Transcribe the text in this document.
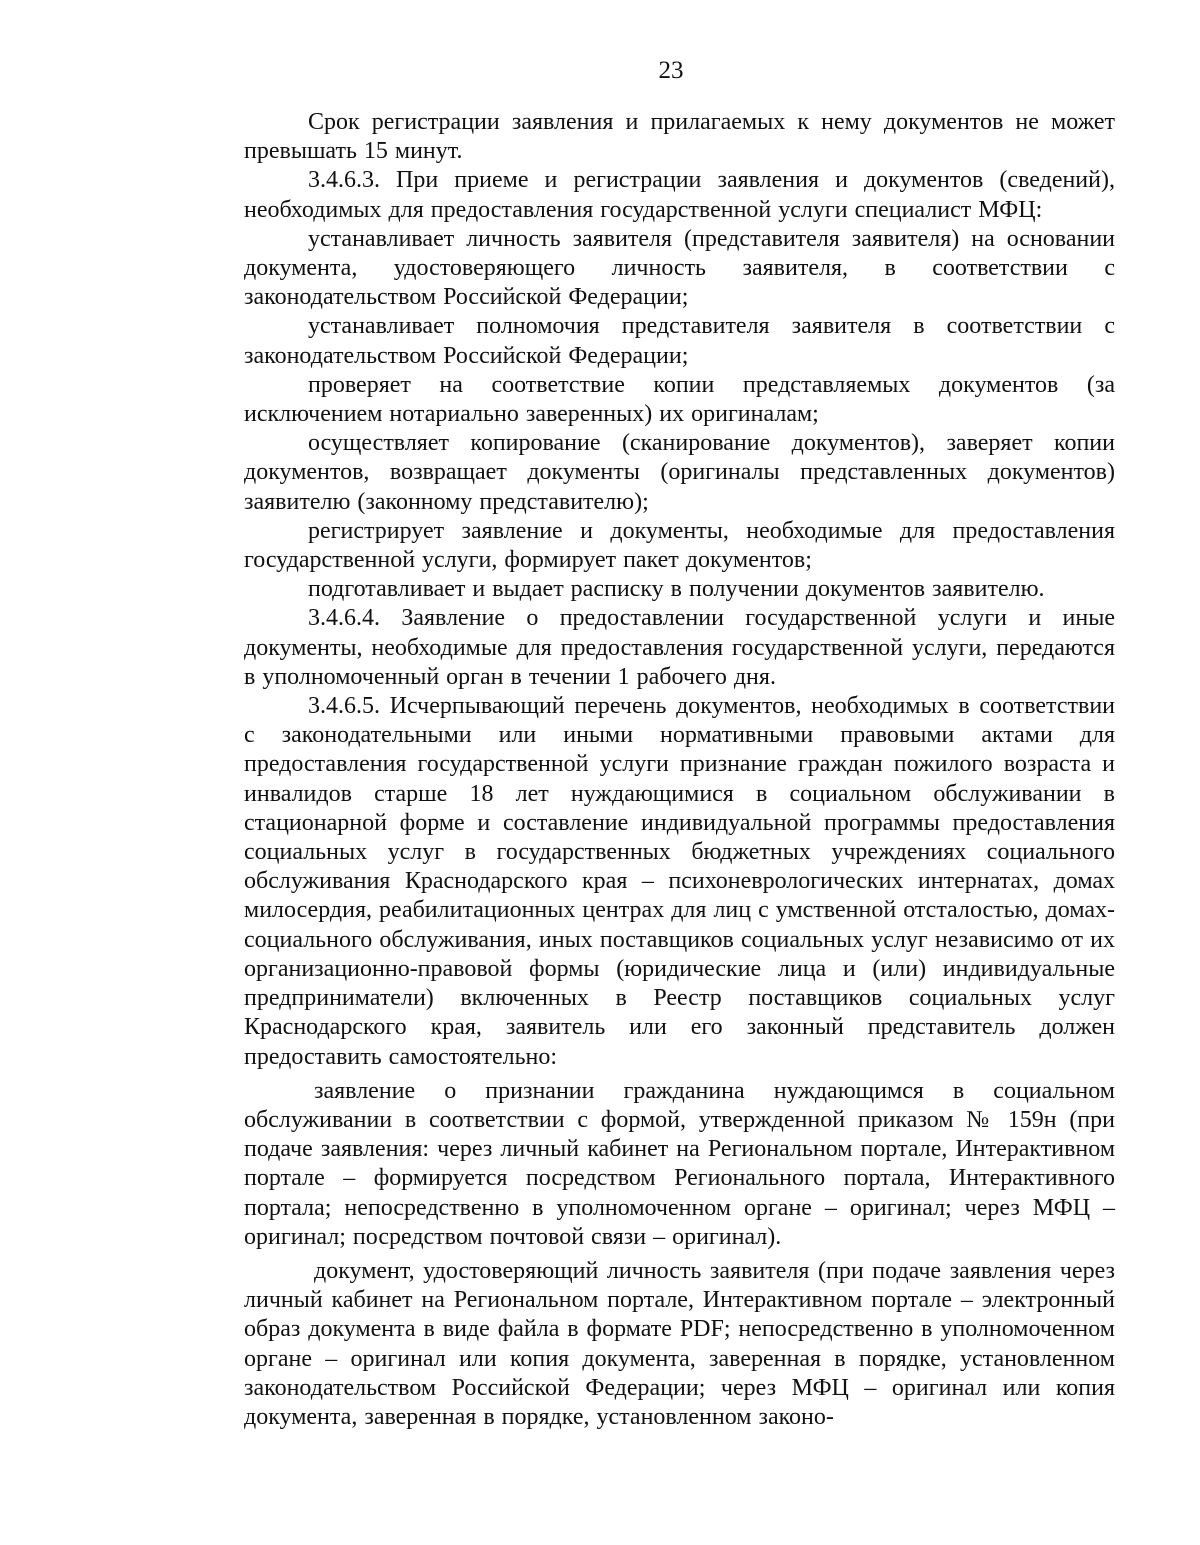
23

Срок регистрации заявления и прилагаемых к нему документов не может превышать 15 минут.

3.4.6.3. При приеме и регистрации заявления и документов (сведений), необходимых для предоставления государственной услуги специалист МФЦ:

устанавливает личность заявителя (представителя заявителя) на основании документа, удостоверяющего личность заявителя, в соответствии с законодательством Российской Федерации;

устанавливает полномочия представителя заявителя в соответствии с законодательством Российской Федерации;

проверяет на соответствие копии представляемых документов (за исключением нотариально заверенных) их оригиналам;

осуществляет копирование (сканирование документов), заверяет копии документов, возвращает документы (оригиналы представленных документов) заявителю (законному представителю);

регистрирует заявление и документы, необходимые для предоставления государственной услуги, формирует пакет документов;

подготавливает и выдает расписку в получении документов заявителю.

3.4.6.4. Заявление о предоставлении государственной услуги и иные документы, необходимые для предоставления государственной услуги, передаются в уполномоченный орган в течении 1 рабочего дня.

3.4.6.5. Исчерпывающий перечень документов, необходимых в соответствии с законодательными или иными нормативными правовыми актами для предоставления государственной услуги признание граждан пожилого возраста и инвалидов старше 18 лет нуждающимися в социальном обслуживании в стационарной форме и составление индивидуальной программы предоставления социальных услуг в государственных бюджетных учреждениях социального обслуживания Краснодарского края – психоневрологических интернатах, домах милосердия, реабилитационных центрах для лиц с умственной отсталостью, домах-социального обслуживания, иных поставщиков социальных услуг независимо от их организационно-правовой формы (юридические лица и (или) индивидуальные предприниматели) включенных в Реестр поставщиков социальных услуг Краснодарского края, заявитель или его законный представитель должен предоставить самостоятельно:

заявление о признании гражданина нуждающимся в социальном обслуживании в соответствии с формой, утвержденной приказом № 159н (при подаче заявления: через личный кабинет на Региональном портале, Интерактивном портале – формируется посредством Регионального портала, Интерактивного портала; непосредственно в уполномоченном органе – оригинал; через МФЦ – оригинал; посредством почтовой связи – оригинал).

документ, удостоверяющий личность заявителя (при подаче заявления через личный кабинет на Региональном портале, Интерактивном портале – электронный образ документа в виде файла в формате PDF; непосредственно в уполномоченном органе – оригинал или копия документа, заверенная в порядке, установленном законодательством Российской Федерации; через МФЦ – оригинал или копия документа, заверенная в порядке, установленном законо-
